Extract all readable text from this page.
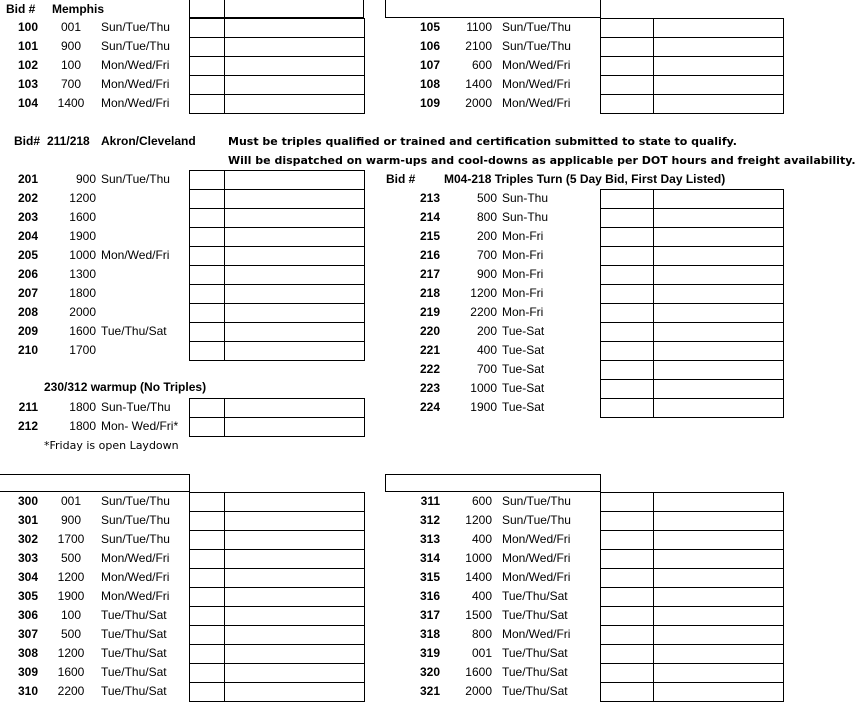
Bid # Memphis
Bid# 211/218 Akron/Cleveland	Must be triples qualified or trained and certification submitted to state to qualify.
Will be dispatched on warm-ups and cool-downs as applicable per DOT hours and freight availability.
Bid # M04-218 Triples Turn (5 Day Bid, First Day Listed)
230/312 warmup (No Triples)
*Friday is open Laydown
100	001	Sun/Tue/Thu
101	900	Sun/Tue/Thu
102	100	Mon/Wed/Fri
103	700	Mon/Wed/Fri
104	1400	Mon/Wed/Fri
105	1100 Sun/Tue/Thu
106	2100 Sun/Tue/Thu
107	600 Mon/Wed/Fri
108	1400 Mon/Wed/Fri
109	2000 Mon/Wed/Fri
201	900 Sun/Tue/Thu
202	1200
203	1600
204	1900
205	1000 Mon/Wed/Fri
206	1300
207	1800
208	2000
209	1600 Tue/Thu/Sat
210	1700
213	500 Sun-Thu
214	800 Sun-Thu
215	200 Mon-Fri
216	700 Mon-Fri
217	900 Mon-Fri
218	1200 Mon-Fri
219	2200 Mon-Fri
220	200 Tue-Sat
221	400 Tue-Sat
222	700 Tue-Sat
223	1000 Tue-Sat
224	1900 Tue-Sat
211	1800 Sun-Tue/Thu
212	1800 Mon- Wed/Fri*
300	001	Sun/Tue/Thu
301	900	Sun/Tue/Thu
302	1700	Sun/Tue/Thu
303	500	Mon/Wed/Fri
304	1200	Mon/Wed/Fri
305	1900	Mon/Wed/Fri
306	100	Tue/Thu/Sat
307	500	Tue/Thu/Sat
308	1200	Tue/Thu/Sat
309	1600	Tue/Thu/Sat
310	2200	Tue/Thu/Sat
311	600 Sun/Tue/Thu
312	1200 Sun/Tue/Thu
313	400 Mon/Wed/Fri
314	1000 Mon/Wed/Fri
315	1400 Mon/Wed/Fri
316	400 Tue/Thu/Sat
317	1500 Tue/Thu/Sat
318	800 Mon/Wed/Fri
319	001 Tue/Thu/Sat
320	1600 Tue/Thu/Sat
321	2000 Tue/Thu/Sat
